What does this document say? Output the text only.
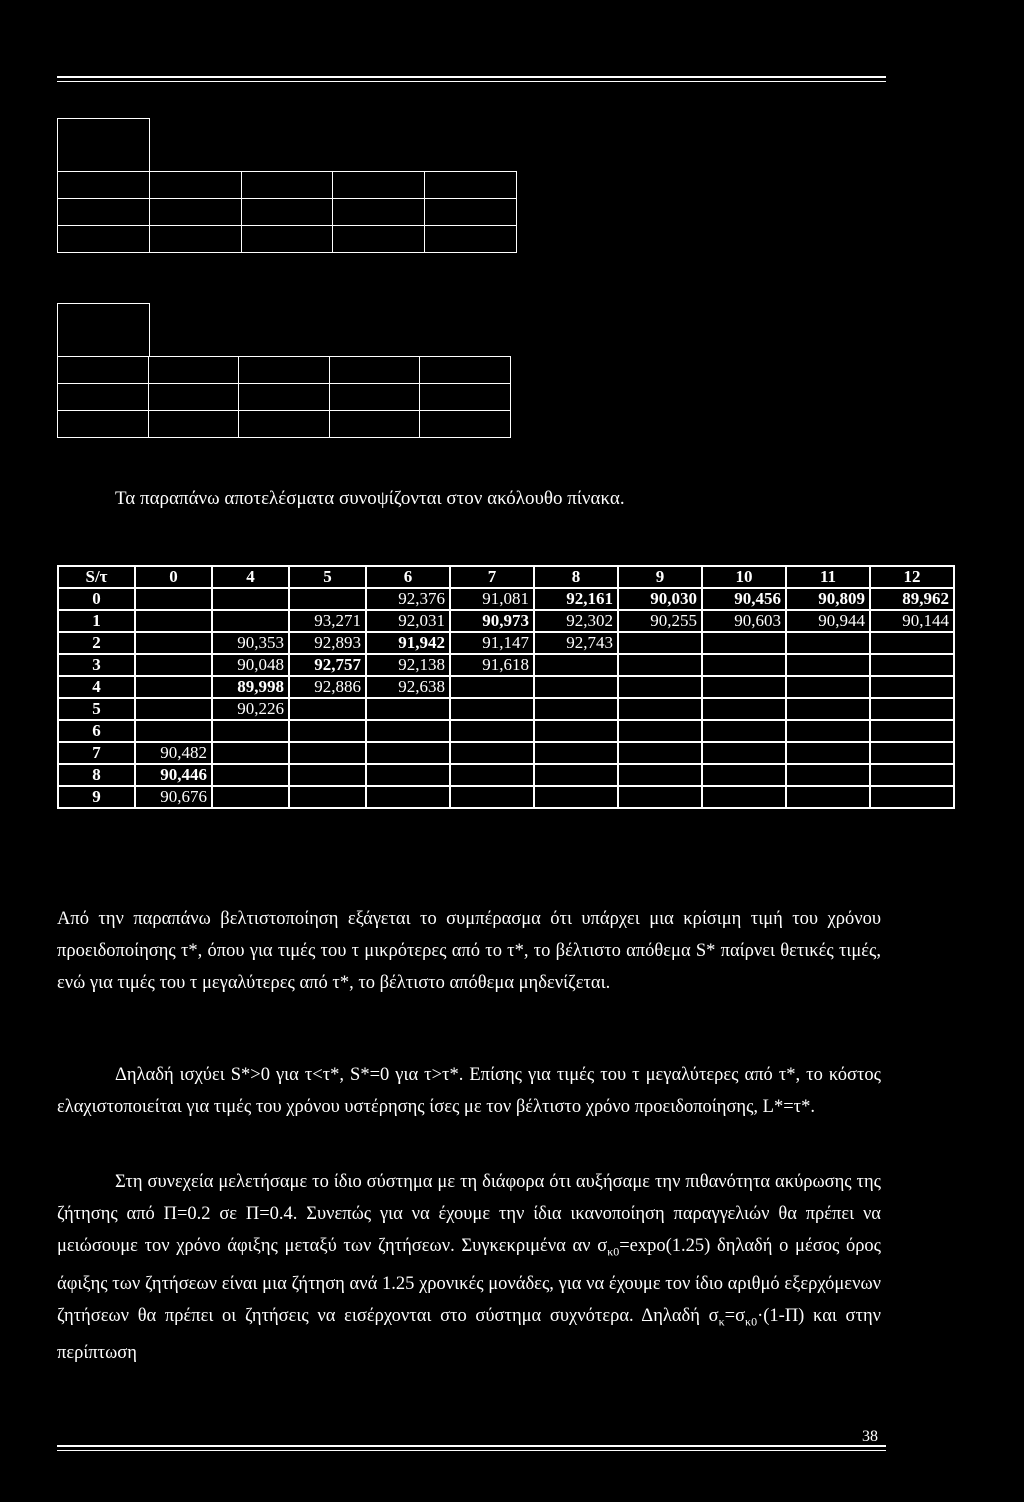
Τα παραπάνω αποτελέσματα συνοψίζονται στον ακόλουθο πίνακα.
S/τ	0	4	5	6	7	8	9	10	11	12
0				92,376	91,081	92,161	90,030	90,456	90,809	89,962
1			93,271	92,031	90,973	92,302	90,255	90,603	90,944	90,144
2		90,353	92,893	91,942	91,147	92,743				
3		90,048	92,757	92,138	91,618					
4		89,998	92,886	92,638						
5		90,226								
6										
7	90,482									
8	90,446									
9	90,676									
Από την παραπάνω βελτιστοποίηση εξάγεται το συμπέρασμα ότι υπάρχει μια κρίσιμη τιμή του χρόνου προειδοποίησης τ*, όπου για τιμές του τ μικρότερες από το τ*, το βέλτιστο απόθεμα S* παίρνει θετικές τιμές, ενώ για τιμές του τ μεγαλύτερες από τ*, το βέλτιστο απόθεμα μηδενίζεται.
Δηλαδή ισχύει S*>0 για τ<τ*, S*=0 για τ>τ*. Επίσης για τιμές του τ μεγαλύτερες από τ*, το κόστος ελαχιστοποιείται για τιμές του χρόνου υστέρησης ίσες με τον βέλτιστο χρόνο προειδοποίησης, L*=τ*.
Στη συνεχεία μελετήσαμε το ίδιο σύστημα με τη διάφορα ότι αυξήσαμε την πιθανότητα ακύρωσης της ζήτησης από Π=0.2 σε Π=0.4. Συνεπώς για να έχουμε την ίδια ικανοποίηση παραγγελιών θα πρέπει να μειώσουμε τον χρόνο άφιξης μεταξύ των ζητήσεων. Συγκεκριμένα αν $\sigma_{\kappa 0}=\exp o(1.25)$ δηλαδή ο μέσος όρος άφιξης των ζητήσεων είναι μια ζήτηση ανά 1.25 χρονικές μονάδες, για να έχουμε τον ίδιο αριθμό εξερχόμενων ζητήσεων θα πρέπει οι ζητήσεις να εισέρχονται στο σύστημα συχνότερα. Δηλαδή $\sigma_\kappa=\sigma_{\kappa 0}\cdot(1-\Pi)$ και στην περίπτωση
38
